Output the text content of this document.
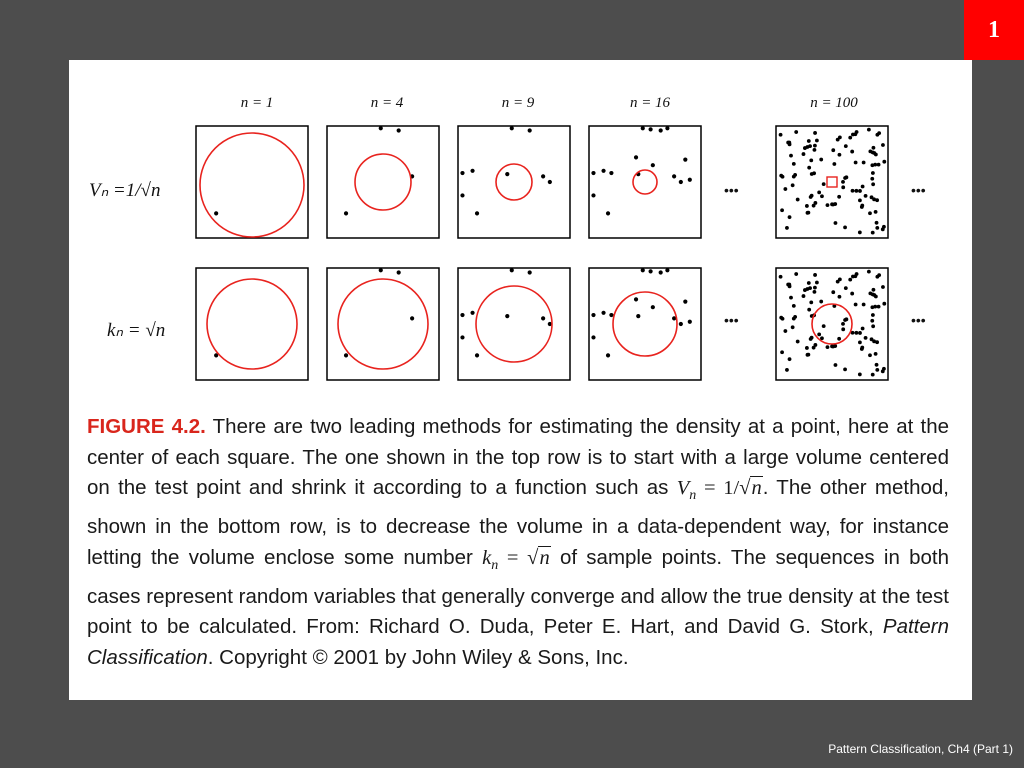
1
n = 1	n = 4	n = 9	n = 16	n = 100
Vₙ =1/√n
kₙ = √n
•••	•••
•••	•••
FIGURE 4.2. There are two leading methods for estimating the density at a point, here at the center of each square. The one shown in the top row is to start with a large volume centered on the test point and shrink it according to a function such as $V_n = 1/√n$. The other method, shown in the bottom row, is to decrease the volume in a data-dependent way, for instance letting the volume enclose some number $k_n = √n$ of sample points. The sequences in both cases represent random variables that generally converge and allow the true density at the test point to be calculated. From: Richard O. Duda, Peter E. Hart, and David G. Stork, Pattern Classification. Copyright © 2001 by John Wiley & Sons, Inc.
Pattern Classification, Ch4 (Part 1)
